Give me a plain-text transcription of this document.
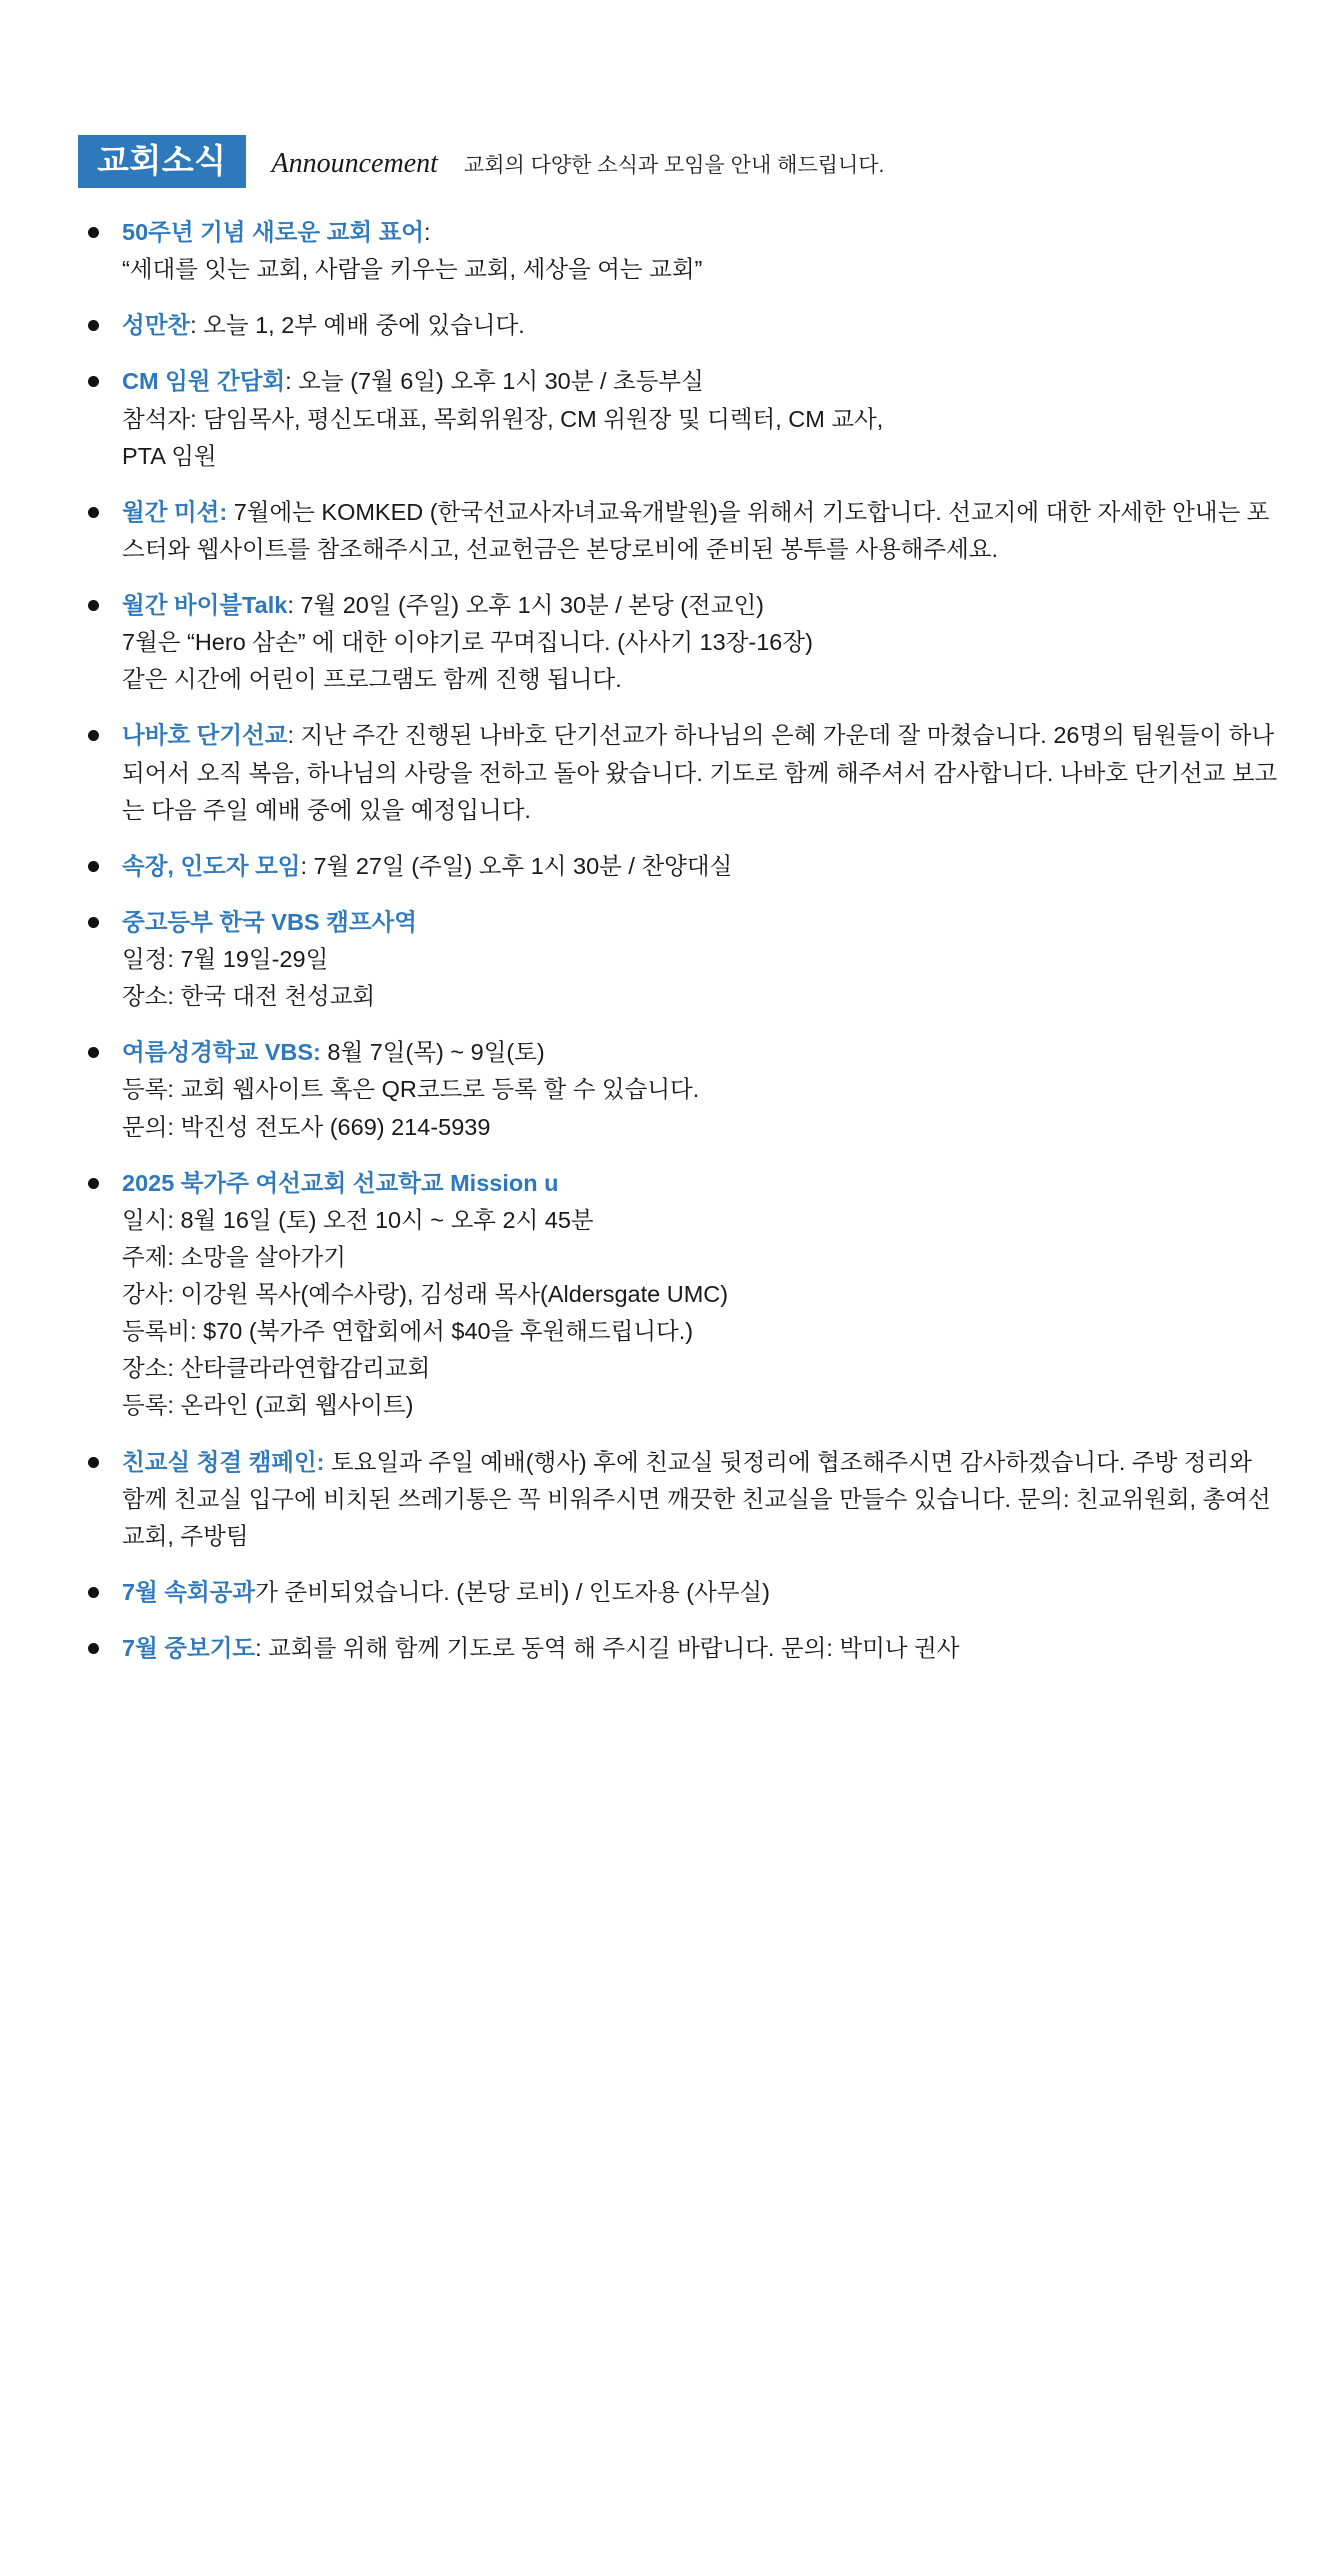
교회소식	Announcement 교회의 다양한 소식과 모임을 안내 해드립니다.
50주년 기념 새로운 교회 표어:
“세대를 잇는 교회, 사람을 키우는 교회, 세상을 여는 교회”
성만찬: 오늘 1, 2부 예배 중에 있습니다.
CM 임원 간담회: 오늘 (7월 6일) 오후 1시 30분 / 초등부실
참석자: 담임목사, 평신도대표, 목회위원장, CM 위원장 및 디렉터, CM 교사,
PTA 임원
월간 미션: 7월에는 KOMKED (한국선교사자녀교육개발원)을 위해서 기도합니다. 선교지에 대한 자세한 안내는 포스터와 웹사이트를 참조해주시고, 선교헌금은 본당로비에 준비된 봉투를 사용해주세요.
월간 바이블Talk: 7월 20일 (주일) 오후 1시 30분 / 본당 (전교인)
7월은 “Hero 삼손” 에 대한 이야기로 꾸며집니다. (사사기 13장-16장)
같은 시간에 어린이 프로그램도 함께 진행 됩니다.
나바호 단기선교: 지난 주간 진행된 나바호 단기선교가 하나님의 은혜 가운데 잘 마쳤습니다. 26명의 팀원들이 하나되어서 오직 복음, 하나님의 사랑을 전하고 돌아 왔습니다. 기도로 함께 해주셔서 감사합니다. 나바호 단기선교 보고는 다음 주일 예배 중에 있을 예정입니다.
속장, 인도자 모임: 7월 27일 (주일) 오후 1시 30분 / 찬양대실
중고등부 한국 VBS 캠프사역
일정: 7월 19일-29일
장소: 한국 대전 천성교회
여름성경학교 VBS: 8월 7일(목) ~ 9일(토)
등록: 교회 웹사이트 혹은 QR코드로 등록 할 수 있습니다.
문의: 박진성 전도사 (669) 214-5939
2025 북가주 여선교회 선교학교 Mission u
일시: 8월 16일 (토) 오전 10시 ~ 오후 2시 45분
주제: 소망을 살아가기
강사: 이강원 목사(예수사랑), 김성래 목사(Aldersgate UMC)
등록비: $70 (북가주 연합회에서 $40을 후원해드립니다.)
장소: 산타클라라연합감리교회
등록: 온라인 (교회 웹사이트)
친교실 청결 캠페인: 토요일과 주일 예배(행사) 후에 친교실 뒷정리에 협조해주시면 감사하겠습니다. 주방 정리와 함께 친교실 입구에 비치된 쓰레기통은 꼭 비워주시면 깨끗한 친교실을 만들수 있습니다. 문의: 친교위원회, 총여선교회, 주방팀
7월 속회공과가 준비되었습니다. (본당 로비) / 인도자용 (사무실)
7월 중보기도: 교회를 위해 함께 기도로 동역 해 주시길 바랍니다. 문의: 박미나 권사
